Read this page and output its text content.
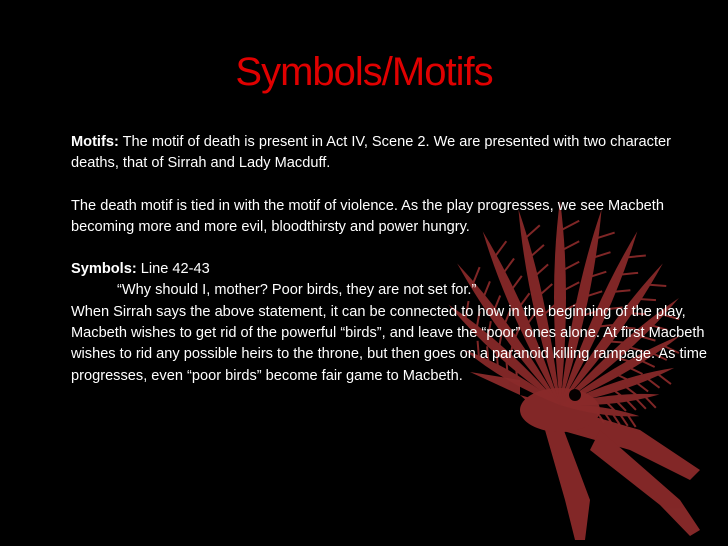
Symbols/Motifs

Motifs: The motif of death is present in Act IV, Scene 2. We are presented with two character deaths, that of Sirrah and Lady Macduff.

The death motif is tied in with the motif of violence. As the play progresses, we see Macbeth becoming more and more evil, bloodthirsty and power hungry.

Symbols: Line 42-43

“Why should I, mother? Poor birds, they are not set for.”

When Sirrah says the above statement, it can be connected to how in the beginning of the play, Macbeth wishes to get rid of the powerful “birds”, and leave the “poor” ones alone. At first Macbeth wishes to rid any possible heirs to the throne, but then goes on a paranoid killing rampage. As time progresses, even “poor birds” become fair game to Macbeth.
